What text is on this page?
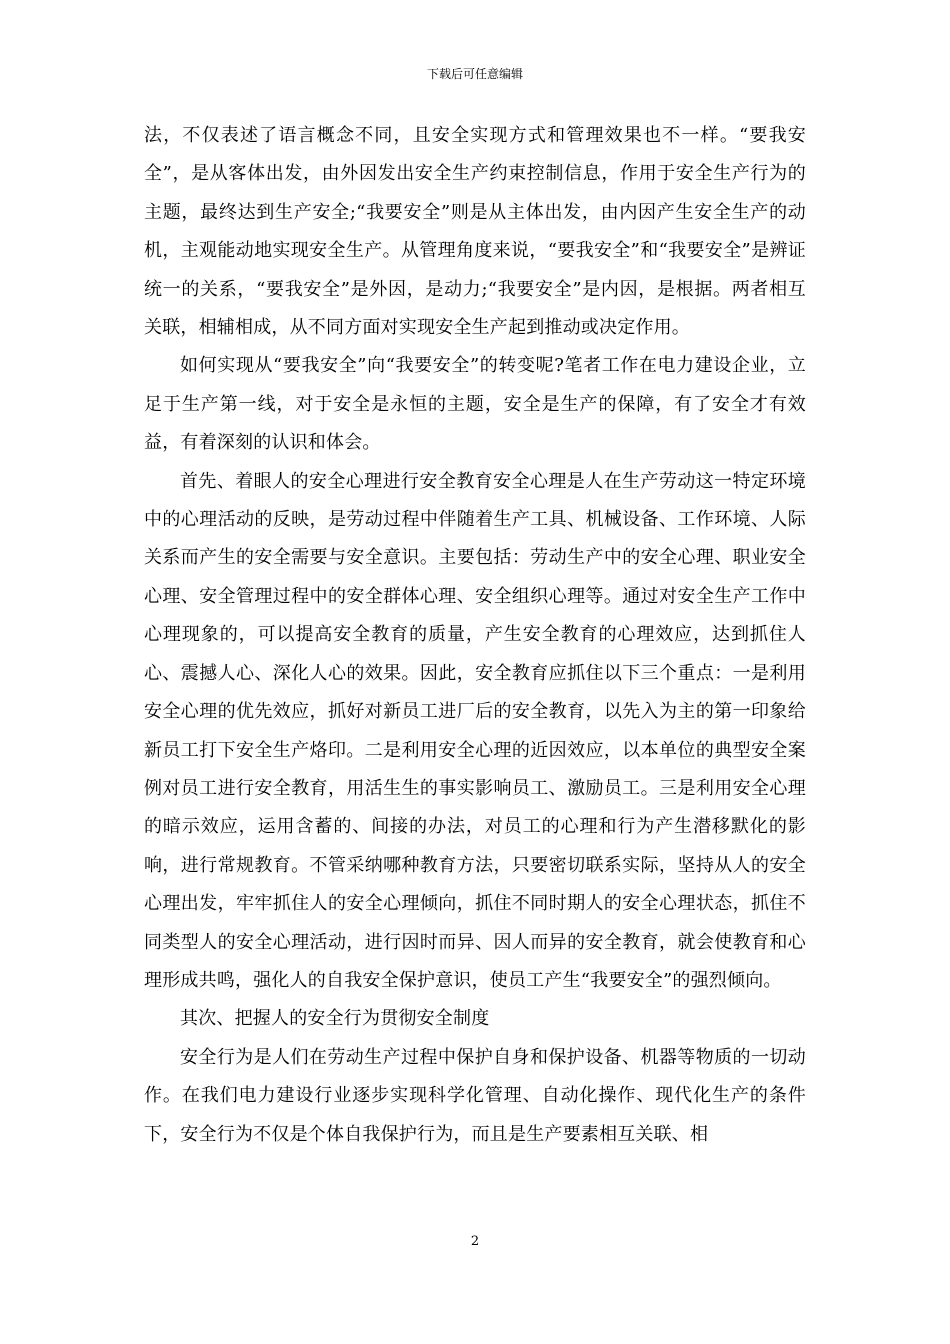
下载后可任意编辑

法，不仅表述了语言概念不同，且安全实现方式和管理效果也不一样。“要我安全”，是从客体出发，由外因发出安全生产约束控制信息，作用于安全生产行为的主题，最终达到生产安全;“我要安全”则是从主体出发，由内因产生安全生产的动机，主观能动地实现安全生产。从管理角度来说，“要我安全”和“我要安全”是辨证统一的关系，“要我安全”是外因，是动力;“我要安全”是内因，是根据。两者相互关联，相辅相成，从不同方面对实现安全生产起到推动或决定作用。

如何实现从“要我安全”向“我要安全”的转变呢?笔者工作在电力建设企业，立足于生产第一线，对于安全是永恒的主题，安全是生产的保障，有了安全才有效益，有着深刻的认识和体会。

首先、着眼人的安全心理进行安全教育安全心理是人在生产劳动这一特定环境中的心理活动的反映，是劳动过程中伴随着生产工具、机械设备、工作环境、人际关系而产生的安全需要与安全意识。主要包括：劳动生产中的安全心理、职业安全心理、安全管理过程中的安全群体心理、安全组织心理等。通过对安全生产工作中心理现象的，可以提高安全教育的质量，产生安全教育的心理效应，达到抓住人心、震撼人心、深化人心的效果。因此，安全教育应抓住以下三个重点：一是利用安全心理的优先效应，抓好对新员工进厂后的安全教育，以先入为主的第一印象给新员工打下安全生产烙印。二是利用安全心理的近因效应，以本单位的典型安全案例对员工进行安全教育，用活生生的事实影响员工、激励员工。三是利用安全心理的暗示效应，运用含蓄的、间接的办法，对员工的心理和行为产生潜移默化的影响，进行常规教育。不管采纳哪种教育方法，只要密切联系实际，坚持从人的安全心理出发，牢牢抓住人的安全心理倾向，抓住不同时期人的安全心理状态，抓住不同类型人的安全心理活动，进行因时而异、因人而异的安全教育，就会使教育和心理形成共鸣，强化人的自我安全保护意识，使员工产生“我要安全”的强烈倾向。

其次、把握人的安全行为贯彻安全制度

安全行为是人们在劳动生产过程中保护自身和保护设备、机器等物质的一切动作。在我们电力建设行业逐步实现科学化管理、自动化操作、现代化生产的条件下，安全行为不仅是个体自我保护行为，而且是生产要素相互关联、相

2
